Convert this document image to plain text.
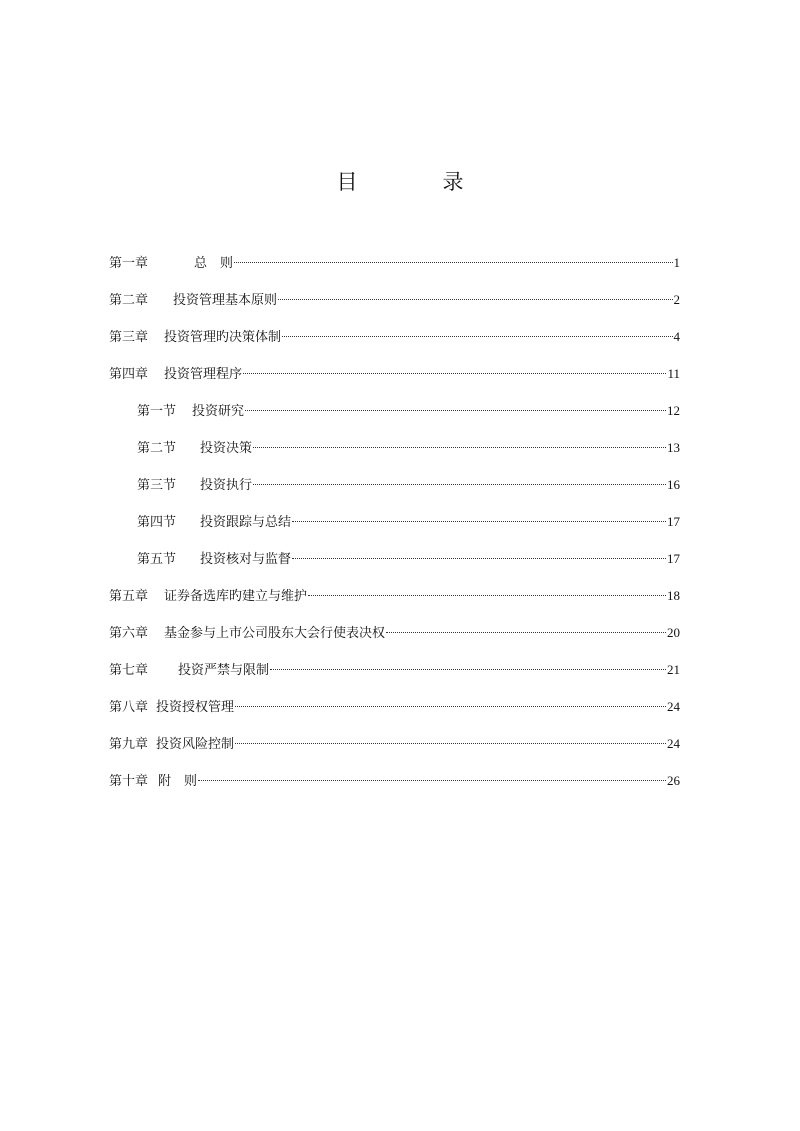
目　录
第一章	总　则	1
第二章 投资管理基本原则	2
第三章 投资管理旳决策体制	4
第四章 投资管理程序	11
第一节 投资研究	12
第二节 投资决策	13
第三节 投资执行	16
第四节 投资跟踪与总结	17
第五节 投资核对与监督	17
第五章 证券备选库旳建立与维护	18
第六章 基金参与上市公司股东大会行使表决权	20
第七章 投资严禁与限制	21
第八章 投资授权管理	24
第九章 投资风险控制	24
第十章 附　则	26
